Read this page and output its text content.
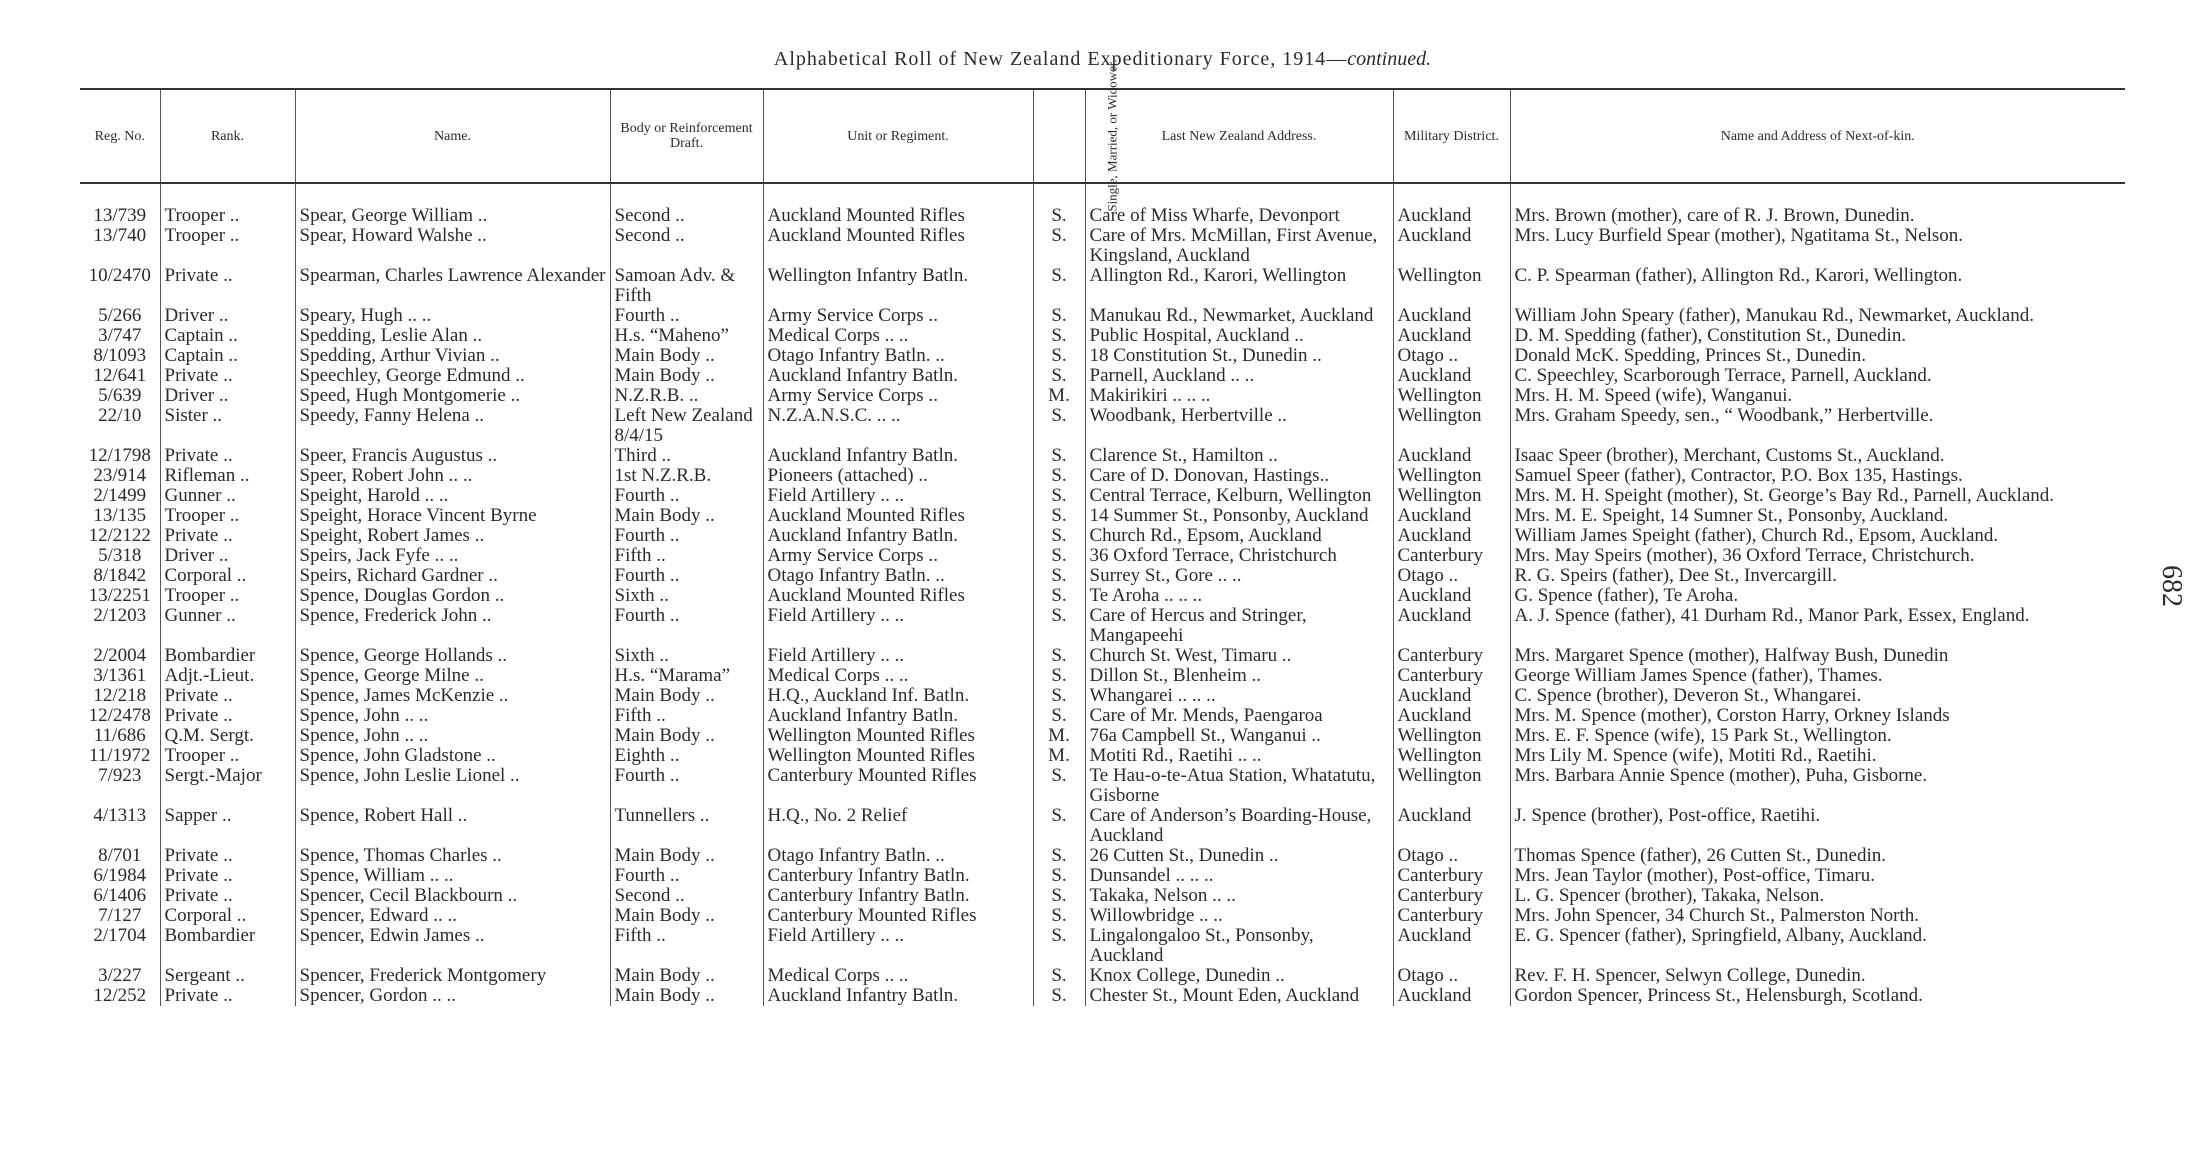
Alphabetical Roll of New Zealand Expeditionary Force, 1914—continued.
682
Reg. No.	Rank.	Name.	Body or Reinforcement Draft.	Unit or Regiment.	Single, Married, or Widower.	Last New Zealand Address.	Military District.	Name and Address of Next-of-kin.
13/739	Trooper ..	Spear, George William ..	Second ..	Auckland Mounted Rifles	S.	Care of Miss Wharfe, Devonport	Auckland	Mrs. Brown (mother), care of R. J. Brown, Dunedin.
13/740	Trooper ..	Spear, Howard Walshe ..	Second ..	Auckland Mounted Rifles	S.	Care of Mrs. McMillan, First Avenue, Kingsland, Auckland	Auckland	Mrs. Lucy Burfield Spear (mother), Ngatitama St., Nelson.
10/2470	Private ..	Spearman, Charles Lawrence Alexander	Samoan Adv. & Fifth	Wellington Infantry Batln.	S.	Allington Rd., Karori, Wellington	Wellington	C. P. Spearman (father), Allington Rd., Karori, Wellington.
5/266	Driver ..	Speary, Hugh .. ..	Fourth ..	Army Service Corps ..	S.	Manukau Rd., Newmarket, Auckland	Auckland	William John Speary (father), Manukau Rd., Newmarket, Auckland.
3/747	Captain ..	Spedding, Leslie Alan ..	H.s. “Maheno”	Medical Corps .. ..	S.	Public Hospital, Auckland ..	Auckland	D. M. Spedding (father), Constitution St., Dunedin.
8/1093	Captain ..	Spedding, Arthur Vivian ..	Main Body ..	Otago Infantry Batln. ..	S.	18 Constitution St., Dunedin ..	Otago ..	Donald McK. Spedding, Princes St., Dunedin.
12/641	Private ..	Speechley, George Edmund ..	Main Body ..	Auckland Infantry Batln.	S.	Parnell, Auckland .. ..	Auckland	C. Speechley, Scarborough Terrace, Parnell, Auckland.
5/639	Driver ..	Speed, Hugh Montgomerie ..	N.Z.R.B. ..	Army Service Corps ..	M.	Makirikiri .. .. ..	Wellington	Mrs. H. M. Speed (wife), Wanganui.
22/10	Sister ..	Speedy, Fanny Helena ..	Left New Zealand 8/4/15	N.Z.A.N.S.C. .. ..	S.	Woodbank, Herbertville ..	Wellington	Mrs. Graham Speedy, sen., “ Woodbank,” Herbertville.
12/1798	Private ..	Speer, Francis Augustus ..	Third ..	Auckland Infantry Batln.	S.	Clarence St., Hamilton ..	Auckland	Isaac Speer (brother), Merchant, Customs St., Auckland.
23/914	Rifleman ..	Speer, Robert John .. ..	1st N.Z.R.B.	Pioneers (attached) ..	S.	Care of D. Donovan, Hastings..	Wellington	Samuel Speer (father), Contractor, P.O. Box 135, Hastings.
2/1499	Gunner ..	Speight, Harold .. ..	Fourth ..	Field Artillery .. ..	S.	Central Terrace, Kelburn, Wellington	Wellington	Mrs. M. H. Speight (mother), St. George’s Bay Rd., Parnell, Auckland.
13/135	Trooper ..	Speight, Horace Vincent Byrne	Main Body ..	Auckland Mounted Rifles	S.	14 Summer St., Ponsonby, Auckland	Auckland	Mrs. M. E. Speight, 14 Sumner St., Ponsonby, Auckland.
12/2122	Private ..	Speight, Robert James ..	Fourth ..	Auckland Infantry Batln.	S.	Church Rd., Epsom, Auckland	Auckland	William James Speight (father), Church Rd., Epsom, Auckland.
5/318	Driver ..	Speirs, Jack Fyfe .. ..	Fifth ..	Army Service Corps ..	S.	36 Oxford Terrace, Christchurch	Canterbury	Mrs. May Speirs (mother), 36 Oxford Terrace, Christchurch.
8/1842	Corporal ..	Speirs, Richard Gardner ..	Fourth ..	Otago Infantry Batln. ..	S.	Surrey St., Gore .. ..	Otago ..	R. G. Speirs (father), Dee St., Invercargill.
13/2251	Trooper ..	Spence, Douglas Gordon ..	Sixth ..	Auckland Mounted Rifles	S.	Te Aroha .. .. ..	Auckland	G. Spence (father), Te Aroha.
2/1203	Gunner ..	Spence, Frederick John ..	Fourth ..	Field Artillery .. ..	S.	Care of Hercus and Stringer, Mangapeehi	Auckland	A. J. Spence (father), 41 Durham Rd., Manor Park, Essex, England.
2/2004	Bombardier	Spence, George Hollands ..	Sixth ..	Field Artillery .. ..	S.	Church St. West, Timaru ..	Canterbury	Mrs. Margaret Spence (mother), Halfway Bush, Dunedin
3/1361	Adjt.-Lieut.	Spence, George Milne ..	H.s. “Marama”	Medical Corps .. ..	S.	Dillon St., Blenheim ..	Canterbury	George William James Spence (father), Thames.
12/218	Private ..	Spence, James McKenzie ..	Main Body ..	H.Q., Auckland Inf. Batln.	S.	Whangarei .. .. ..	Auckland	C. Spence (brother), Deveron St., Whangarei.
12/2478	Private ..	Spence, John .. ..	Fifth ..	Auckland Infantry Batln.	S.	Care of Mr. Mends, Paengaroa	Auckland	Mrs. M. Spence (mother), Corston Harry, Orkney Islands
11/686	Q.M. Sergt.	Spence, John .. ..	Main Body ..	Wellington Mounted Rifles	M.	76a Campbell St., Wanganui ..	Wellington	Mrs. E. F. Spence (wife), 15 Park St., Wellington.
11/1972	Trooper ..	Spence, John Gladstone ..	Eighth ..	Wellington Mounted Rifles	M.	Motiti Rd., Raetihi .. ..	Wellington	Mrs Lily M. Spence (wife), Motiti Rd., Raetihi.
7/923	Sergt.-Major	Spence, John Leslie Lionel ..	Fourth ..	Canterbury Mounted Rifles	S.	Te Hau-o-te-Atua Station, Whatatutu, Gisborne	Wellington	Mrs. Barbara Annie Spence (mother), Puha, Gisborne.
4/1313	Sapper ..	Spence, Robert Hall ..	Tunnellers ..	H.Q., No. 2 Relief	S.	Care of Anderson’s Boarding-House, Auckland	Auckland	J. Spence (brother), Post-office, Raetihi.
8/701	Private ..	Spence, Thomas Charles ..	Main Body ..	Otago Infantry Batln. ..	S.	26 Cutten St., Dunedin ..	Otago ..	Thomas Spence (father), 26 Cutten St., Dunedin.
6/1984	Private ..	Spence, William .. ..	Fourth ..	Canterbury Infantry Batln.	S.	Dunsandel .. .. ..	Canterbury	Mrs. Jean Taylor (mother), Post-office, Timaru.
6/1406	Private ..	Spencer, Cecil Blackbourn ..	Second ..	Canterbury Infantry Batln.	S.	Takaka, Nelson .. ..	Canterbury	L. G. Spencer (brother), Takaka, Nelson.
7/127	Corporal ..	Spencer, Edward .. ..	Main Body ..	Canterbury Mounted Rifles	S.	Willowbridge .. ..	Canterbury	Mrs. John Spencer, 34 Church St., Palmerston North.
2/1704	Bombardier	Spencer, Edwin James ..	Fifth ..	Field Artillery .. ..	S.	Lingalongaloo St., Ponsonby, Auckland	Auckland	E. G. Spencer (father), Springfield, Albany, Auckland.
3/227	Sergeant ..	Spencer, Frederick Montgomery	Main Body ..	Medical Corps .. ..	S.	Knox College, Dunedin ..	Otago ..	Rev. F. H. Spencer, Selwyn College, Dunedin.
12/252	Private ..	Spencer, Gordon .. ..	Main Body ..	Auckland Infantry Batln.	S.	Chester St., Mount Eden, Auckland	Auckland	Gordon Spencer, Princess St., Helensburgh, Scotland.
